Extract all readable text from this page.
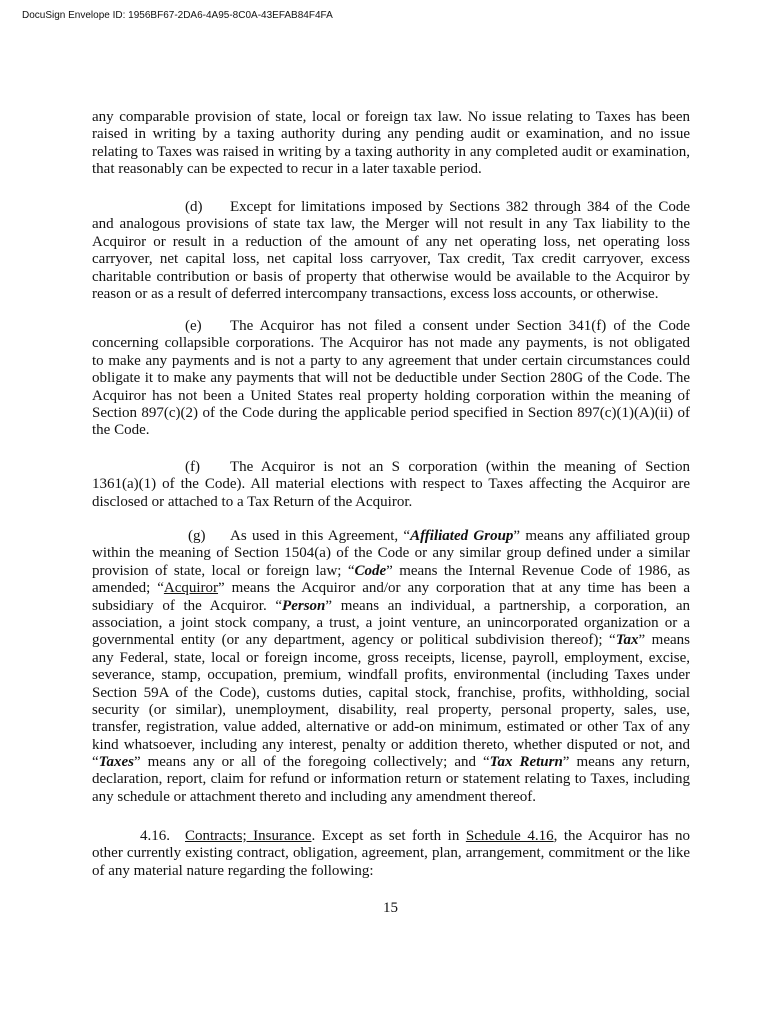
DocuSign Envelope ID: 1956BF67-2DA6-4A95-8C0A-43EFAB84F4FA
any comparable provision of state, local or foreign tax law. No issue relating to Taxes has been
raised in writing by a taxing authority during any pending audit or examination, and no issue
relating to Taxes was raised in writing by a taxing authority in any completed audit or examination,
that reasonably can be expected to recur in a later taxable period.
(d)	Except for limitations imposed by Sections 382 through 384 of the Code
and analogous provisions of state tax law, the Merger will not result in any Tax liability to the
Acquiror or result in a reduction of the amount of any net operating loss, net operating loss
carryover, net capital loss, net capital loss carryover, Tax credit, Tax credit carryover, excess
charitable contribution or basis of property that otherwise would be available to the Acquiror by
reason or as a result of deferred intercompany transactions, excess loss accounts, or otherwise.
(e)	The Acquiror has not filed a consent under Section 341(f) of the Code
concerning collapsible corporations. The Acquiror has not made any payments, is not obligated
to make any payments and is not a party to any agreement that under certain circumstances could
obligate it to make any payments that will not be deductible under Section 280G of the Code. The
Acquiror has not been a United States real property holding corporation within the meaning of
Section 897(c)(2) of the Code during the applicable period specified in Section 897(c)(1)(A)(ii) of
the Code.
(f)	The Acquiror is not an S corporation (within the meaning of Section
1361(a)(1) of the Code). All material elections with respect to Taxes affecting the Acquiror are
disclosed or attached to a Tax Return of the Acquiror.
(g)	As used in this Agreement, “Affiliated Group” means any affiliated group
within the meaning of Section 1504(a) of the Code or any similar group defined under a similar
provision of state, local or foreign law; “Code” means the Internal Revenue Code of 1986, as
amended; “Acquiror” means the Acquiror and/or any corporation that at any time has been a
subsidiary of the Acquiror. “Person” means an individual, a partnership, a corporation, an
association, a joint stock company, a trust, a joint venture, an unincorporated organization or a
governmental entity (or any department, agency or political subdivision thereof); “Tax” means
any Federal, state, local or foreign income, gross receipts, license, payroll, employment, excise,
severance, stamp, occupation, premium, windfall profits, environmental (including Taxes under
Section 59A of the Code), customs duties, capital stock, franchise, profits, withholding, social
security (or similar), unemployment, disability, real property, personal property, sales, use,
transfer, registration, value added, alternative or add-on minimum, estimated or other Tax of any
kind whatsoever, including any interest, penalty or addition thereto, whether disputed or not, and
“Taxes” means any or all of the foregoing collectively; and “Tax Return” means any return,
declaration, report, claim for refund or information return or statement relating to Taxes, including
any schedule or attachment thereto and including any amendment thereof.
4.16.	Contracts; Insurance. Except as set forth in Schedule 4.16, the Acquiror has no
other currently existing contract, obligation, agreement, plan, arrangement, commitment or the like
of any material nature regarding the following:
15
